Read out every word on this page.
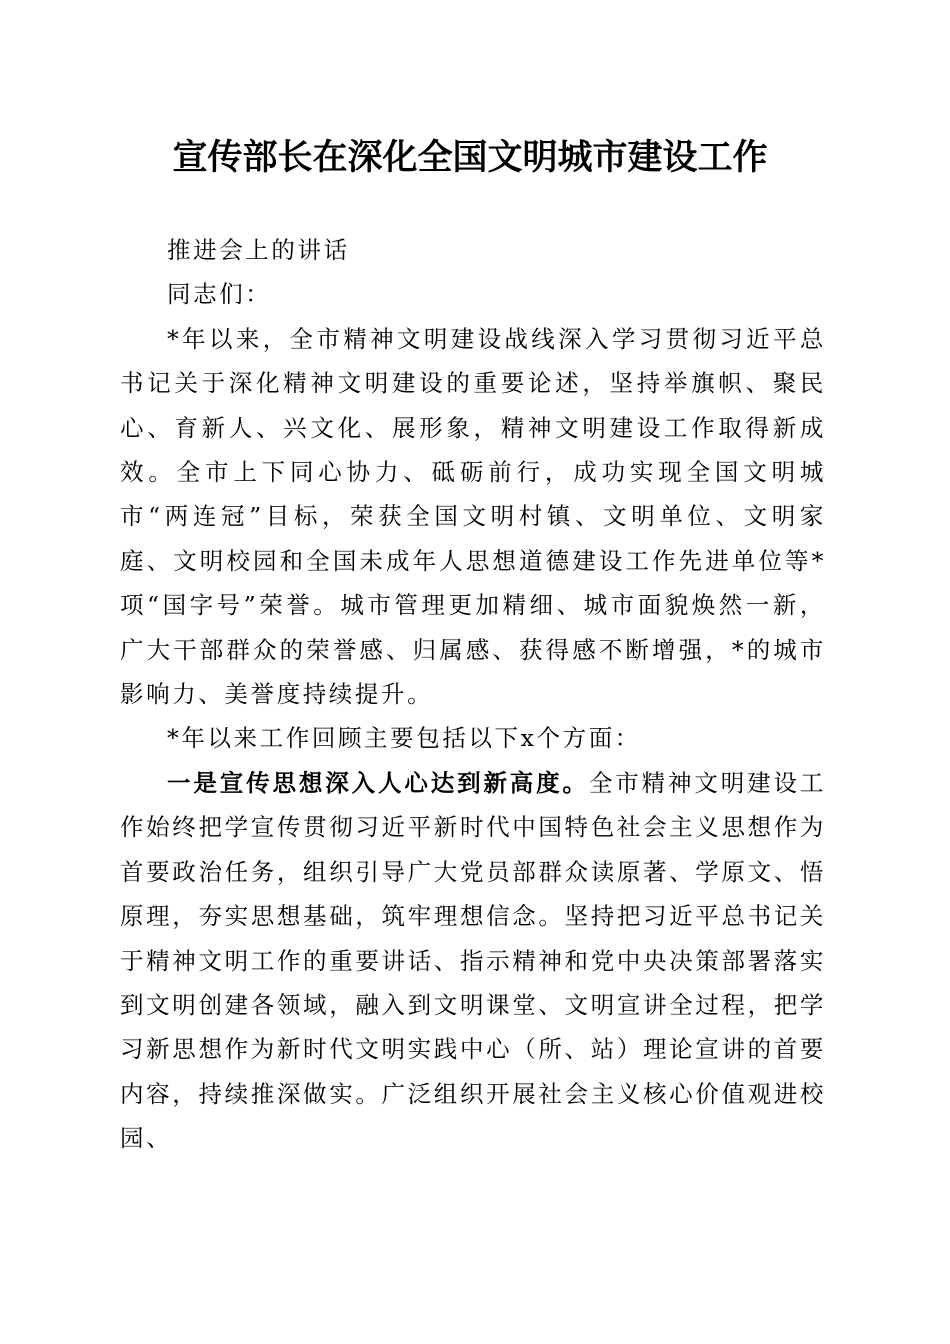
宣传部长在深化全国文明城市建设工作

推进会上的讲话

同志们：

*年以来，全市精神文明建设战线深入学习贯彻习近平总书记关于深化精神文明建设的重要论述，坚持举旗帜、聚民心、育新人、兴文化、展形象，精神文明建设工作取得新成效。全市上下同心协力、砥砺前行，成功实现全国文明城市“两连冠”目标，荣获全国文明村镇、文明单位、文明家庭、文明校园和全国未成年人思想道德建设工作先进单位等*项“国字号”荣誉。城市管理更加精细、城市面貌焕然一新，广大干部群众的荣誉感、归属感、获得感不断增强，*的城市影响力、美誉度持续提升。

*年以来工作回顾主要包括以下x个方面：

一是宣传思想深入人心达到新高度。全市精神文明建设工作始终把学宣传贯彻习近平新时代中国特色社会主义思想作为首要政治任务，组织引导广大党员部群众读原著、学原文、悟原理，夯实思想基础，筑牢理想信念。坚持把习近平总书记关于精神文明工作的重要讲话、指示精神和党中央决策部署落实到文明创建各领域，融入到文明课堂、文明宣讲全过程，把学习新思想作为新时代文明实践中心（所、站）理论宣讲的首要内容，持续推深做实。广泛组织开展社会主义核心价值观进校园、
